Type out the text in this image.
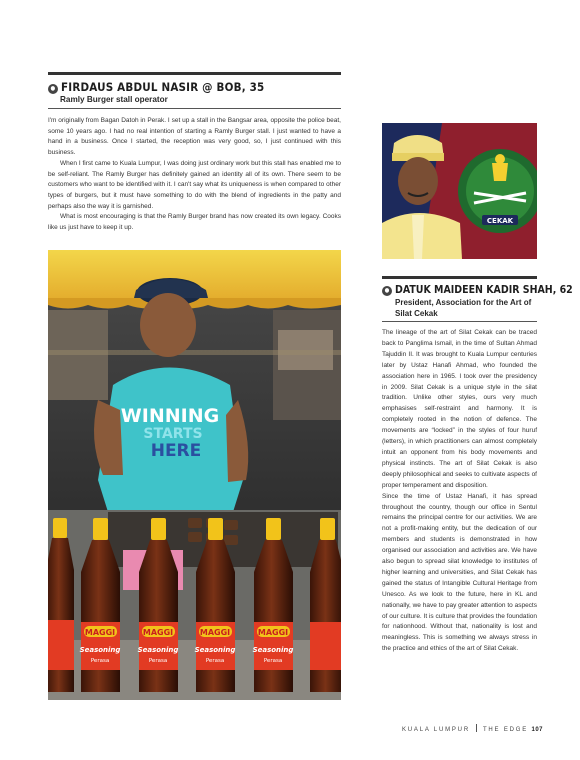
● FIRDAUS ABDUL NASIR @ BOB, 35
Ramly Burger stall operator

I'm originally from Bagan Datoh in Perak. I set up a stall in the Bangsar area, opposite the police beat, some 10 years ago. I had no real intention of starting a Ramly Burger stall. I just wanted to have a hand in a business. Once I started, the reception was very good, so, I just continued with this business.

When I first came to Kuala Lumpur, I was doing just ordinary work but this stall has enabled me to be self-reliant. The Ramly Burger has definitely gained an identity all of its own. There seem to be customers who want to be identified with it. I can't say what its uniqueness is when compared to other types of burgers, but it must have something to do with the blend of ingredients in the patty and perhaps also the way it is garnished.

What is most encouraging is that the Ramly Burger brand has now created its own legacy. Cooks like us just have to keep it up.

WINNING
STARTS
HERE
MAGGI
Seasoning
Perasa
MAGGI
Seasoning
Perasa
MAGGI
Seasoning
Perasa
MAGGI
Seasoning
Perasa
CEKAK
● DATUK MAIDEEN KADIR SHAH, 62
President, Association for the Art of Silat Cekak

The lineage of the art of Silat Cekak can be traced back to Panglima Ismail, in the time of Sultan Ahmad Tajuddin II. It was brought to Kuala Lumpur centuries later by Ustaz Hanafi Ahmad, who founded the association here in 1965. I took over the presidency in 2009. Silat Cekak is a unique style in the silat tradition. Unlike other styles, ours very much emphasises self-restraint and harmony. It is completely rooted in the notion of defence. The movements are “locked” in the styles of four huruf (letters), in which practitioners can almost completely intuit an opponent from his body movements and physical instincts. The art of Silat Cekak is also deeply philosophical and seeks to cultivate aspects of proper temperament and disposition.

Since the time of Ustaz Hanafi, it has spread throughout the country, though our office in Sentul remains the principal centre for our activities. We are not a profit-making entity, but the dedication of our members and students is demonstrated in how organised our association and activities are. We have also begun to spread silat knowledge to institutes of higher learning and universities, and Silat Cekak has gained the status of Intangible Cultural Heritage from Unesco. As we look to the future, here in KL and nationally, we have to pay greater attention to aspects of our culture. It is culture that provides the foundation for nationhood. Without that, nationality is lost and meaningless. This is something we always stress in the practice and ethics of the art of Silat Cekak.

KUALA LUMPUR THE EDGE 107
